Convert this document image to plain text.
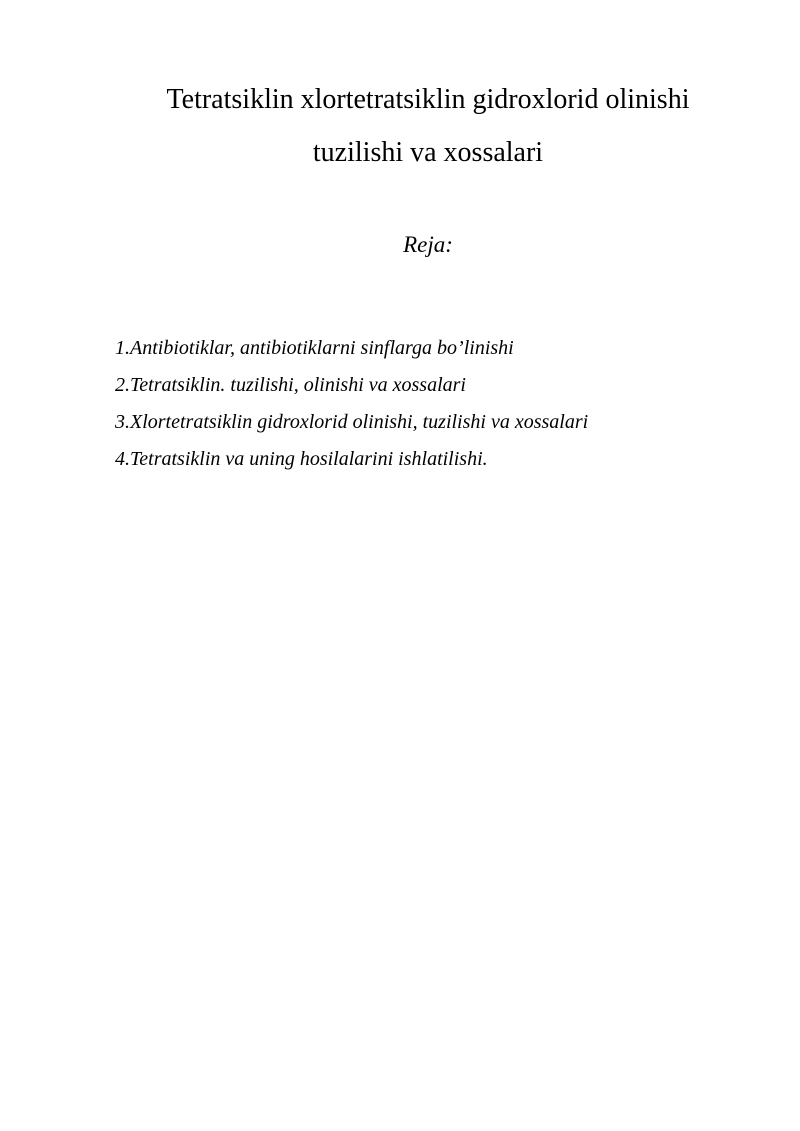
Tetratsiklin xlortetratsiklin gidroxlorid olinishi
tuzilishi va xossalari
Reja:
1.Antibiotiklar, antibiotiklarni sinflarga bo’linishi
2.Tetratsiklin. tuzilishi, olinishi va xossalari
3.Xlortetratsiklin gidroxlorid olinishi, tuzilishi va xossalari
4.Tetratsiklin va uning hosilalarini ishlatilishi.
